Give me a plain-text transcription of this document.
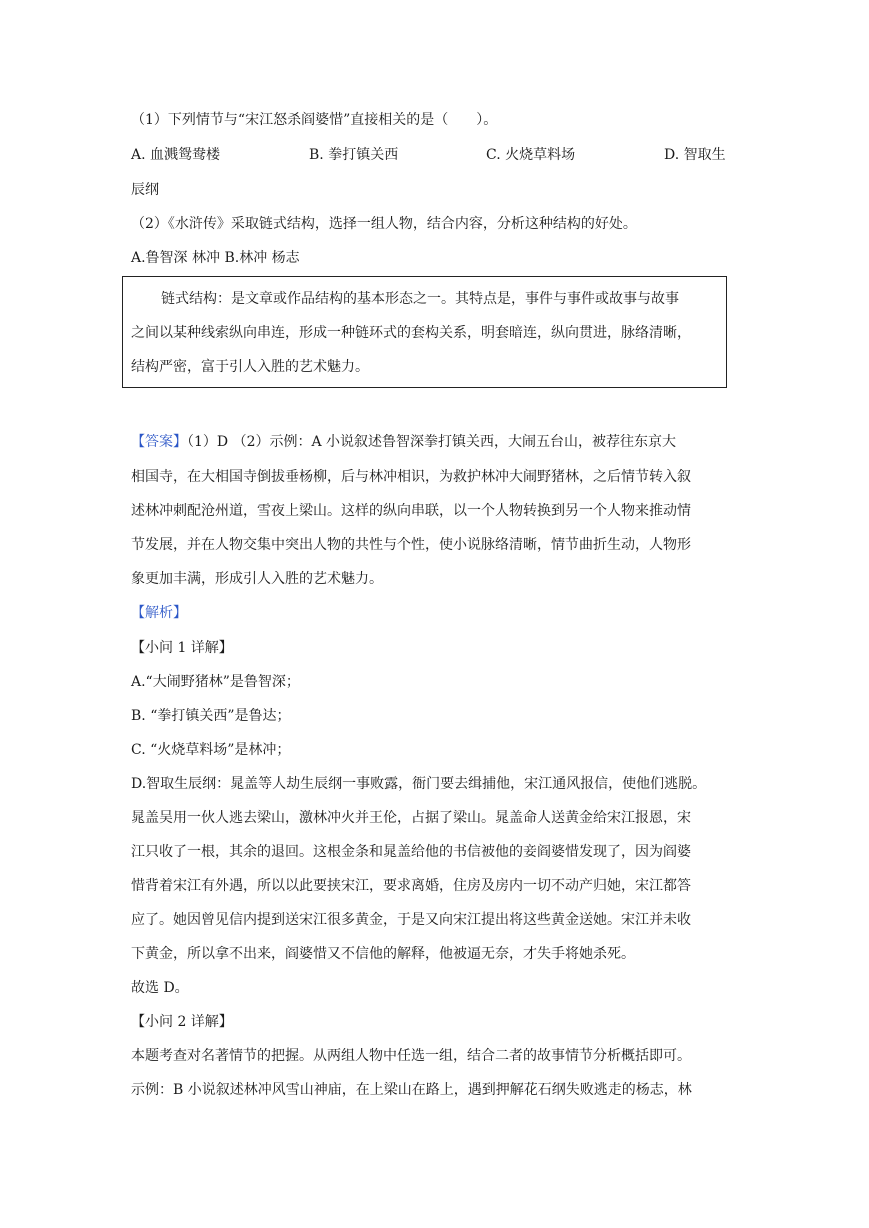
（1）下列情节与“宋江怒杀阎婆惜”直接相关的是（　　）。
A. 血溅鸳鸯楼	B. 拳打镇关西	C. 火烧草料场	D. 智取生
辰纲
（2）《水浒传》采取链式结构，选择一组人物，结合内容，分析这种结构的好处。
A.鲁智深 林冲 B.林冲 杨志
链式结构：是文章或作品结构的基本形态之一。其特点是，事件与事件或故事与故事
之间以某种线索纵向串连，形成一种链环式的套构关系，明套暗连，纵向贯进，脉络清晰，
结构严密，富于引人入胜的艺术魅力。
【答案】（1）D （2）示例：A 小说叙述鲁智深拳打镇关西，大闹五台山，被荐往东京大
相国寺，在大相国寺倒拔垂杨柳，后与林冲相识，为救护林冲大闹野猪林，之后情节转入叙
述林冲刺配沧州道，雪夜上梁山。这样的纵向串联，以一个人物转换到另一个人物来推动情
节发展，并在人物交集中突出人物的共性与个性，使小说脉络清晰，情节曲折生动，人物形
象更加丰满，形成引人入胜的艺术魅力。
【解析】
【小问 1 详解】
A.“大闹野猪林”是鲁智深；
B. “拳打镇关西”是鲁达；
C. “火烧草料场”是林冲；
D.智取生辰纲：晁盖等人劫生辰纲一事败露，衙门要去缉捕他，宋江通风报信，使他们逃脱。
晁盖吴用一伙人逃去梁山，激林冲火并王伦，占据了梁山。晁盖命人送黄金给宋江报恩，宋
江只收了一根，其余的退回。这根金条和晁盖给他的书信被他的妾阎婆惜发现了，因为阎婆
惜背着宋江有外遇，所以以此要挟宋江，要求离婚，住房及房内一切不动产归她，宋江都答
应了。她因曾见信内提到送宋江很多黄金，于是又向宋江提出将这些黄金送她。宋江并未收
下黄金，所以拿不出来，阎婆惜又不信他的解释，他被逼无奈，才失手将她杀死。
故选 D。
【小问 2 详解】
本题考查对名著情节的把握。从两组人物中任选一组，结合二者的故事情节分析概括即可。
示例：B 小说叙述林冲风雪山神庙，在上梁山在路上，遇到押解花石纲失败逃走的杨志，林
